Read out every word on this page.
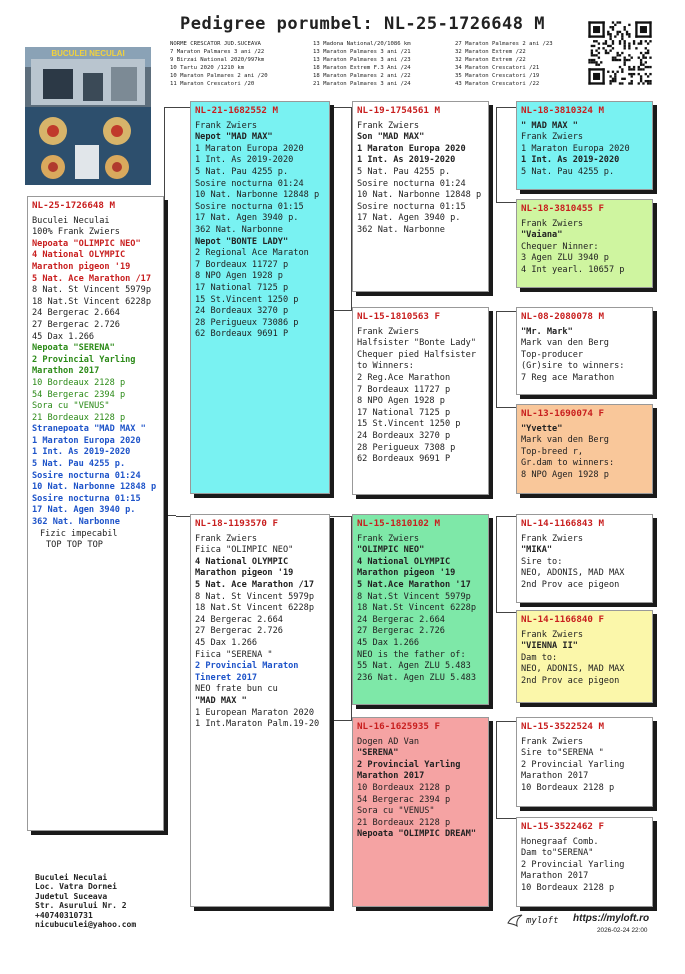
Pedigree porumbel: NL-25-1726648 M
NORME CRESCATOR JUD.SUCEAVA
7 Maraton Palmares 3 ani /22
9 Birzai National 2020/997km
10 Tartu 2020 /1210 km
10 Maraton Palmares 2 ani /20
11 Maraton Crescatori /20
13 Madona National/20/1086 km
13 Maraton Palmares 3 ani /21
13 Maraton Palmares 3 ani /23
18 Maraton Extrem F.3 Ani /24
18 Maraton Palmares 2 ani /22
21 Maraton Palmares 3 ani /24
27 Maraton Palmares 2 ani /23
32 Maraton Extrem /22
32 Maraton Extrem /22
34 Maraton Crescatori /21
35 Maraton Crescatori /19
43 Maraton Crescatori /22
BUCULEI NECULAI
NL-25-1726648 M
Buculei Neculai
100% Frank Zwiers
Nepoata "OLIMPIC NEO"
4 National OLYMPIC
Marathon pigeon '19
5 Nat. Ace Marathon /17
8 Nat. St Vincent 5979p
18 Nat.St Vincent 6228p
24 Bergerac 2.664
27 Bergerac 2.726
45 Dax 1.266
Nepoata "SERENA"
2 Provincial Yarling
Marathon 2017
10 Bordeaux 2128 p
54 Bergerac 2394 p
Sora cu "VENUS"
21 Bordeaux 2128 p
Stranepoata "MAD MAX "
1 Maraton Europa 2020
1 Int. As 2019-2020
5 Nat. Pau 4255 p.
Sosire nocturna 01:24
10 Nat. Narbonne 12848 p
Sosire nocturna 01:15
17 Nat. Agen 3940 p.
362 Nat. Narbonne
Fizic impecabil
TOP TOP TOP
NL-21-1682552 M
Frank Zwiers
Nepot "MAD MAX"
1 Maraton Europa 2020
1 Int. As 2019-2020
5 Nat. Pau 4255 p.
Sosire nocturna 01:24
10 Nat. Narbonne 12848 p
Sosire nocturna 01:15
17 Nat. Agen 3940 p.
362 Nat. Narbonne
Nepot "BONTE LADY"
2 Regional Ace Maraton
7 Bordeaux 11727 p
8 NPO Agen 1928 p
17 National 7125 p
15 St.Vincent 1250 p
24 Bordeaux 3270 p
28 Perigueux 73086 p
62 Bordeaux 9691 P
NL-18-1193570 F
Frank Zwiers
Fiica "OLIMPIC NEO"
4 National OLYMPIC
Marathon pigeon '19
5 Nat. Ace Marathon /17
8 Nat. St Vincent 5979p
18 Nat.St Vincent 6228p
24 Bergerac 2.664
27 Bergerac 2.726
45 Dax 1.266
Fiica "SERENA "
2 Provincial Maraton
Tineret 2017
NEO frate bun cu
"MAD MAX "
1 European Maraton 2020
1 Int.Maraton Palm.19-20
NL-19-1754561 M
Frank Zwiers
Son "MAD MAX"
1 Maraton Europa 2020
1 Int. As 2019-2020
5 Nat. Pau 4255 p.
Sosire nocturna 01:24
10 Nat. Narbonne 12848 p
Sosire nocturna 01:15
17 Nat. Agen 3940 p.
362 Nat. Narbonne
NL-15-1810563 F
Frank Zwiers
Halfsister "Bonte Lady"
Chequer pied Halfsister
to Winners:
2 Reg.Ace Marathon
7 Bordeaux 11727 p
8 NPO Agen 1928 p
17 National 7125 p
15 St.Vincent 1250 p
24 Bordeaux 3270 p
28 Perigueux 7308 p
62 Bordeaux 9691 P
NL-15-1810102 M
Frank Zwiers
"OLIMPIC NEO"
4 National OLYMPIC
Marathon pigeon '19
5 Nat.Ace Marathon '17
8 Nat.St Vincent 5979p
18 Nat.St Vincent 6228p
24 Bergerac 2.664
27 Bergerac 2.726
45 Dax 1.266
NEO is the father of:
55 Nat. Agen ZLU 5.483
236 Nat. Agen ZLU 5.483
NL-16-1625935 F
Dogen AD Van
"SERENA"
2 Provincial Yarling
Marathon 2017
10 Bordeaux 2128 p
54 Bergerac 2394 p
Sora cu "VENUS"
21 Bordeaux 2128 p
Nepoata "OLIMPIC DREAM"
NL-18-3810324 M
" MAD MAX "
Frank Zwiers
1 Maraton Europa 2020
1 Int. As 2019-2020
5 Nat. Pau 4255 p.
NL-18-3810455 F
Frank Zwiers
"Vaiana"
Chequer Ninner:
3 Agen ZLU 3940 p
4 Int yearl. 10657 p
NL-08-2080078 M
"Mr. Mark"
Mark van den Berg
Top-producer
(Gr)sire to winners:
7 Reg ace Marathon
NL-13-1690074 F
"Yvette"
Mark van den Berg
Top-breed r,
Gr.dam to winners:
8 NPO Agen 1928 p
NL-14-1166843 M
Frank Zwiers
"MIKA"
Sire to:
NEO, ADONIS, MAD MAX
2nd Prov ace pigeon
NL-14-1166840 F
Frank Zwiers
"VIENNA II"
Dam to:
NEO, ADONIS, MAD MAX
2nd Prov ace pigeon
NL-15-3522524 M
Frank Zwiers
Sire to"SERENA "
2 Provincial Yarling
Marathon 2017
10 Bordeaux 2128 p
NL-15-3522462 F
Honegraaf Comb.
Dam to"SERENA"
2 Provincial Yarling
Marathon 2017
10 Bordeaux 2128 p
Buculei Neculai
Loc. Vatra Dornei
Judetul Suceava
Str. Asurului Nr. 2
+40740310731
nicubuculei@yahoo.com	myloft https://myloft.ro
2026-02-24 22:00
